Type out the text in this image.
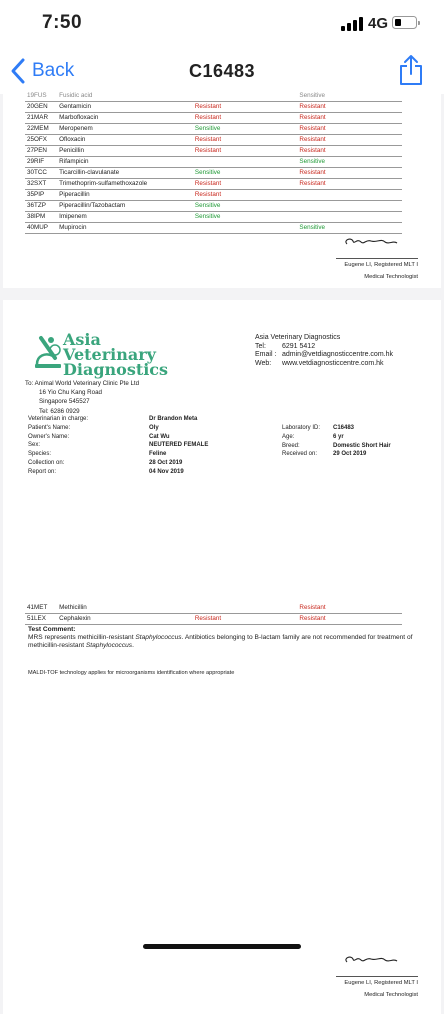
7:50	4G
Back	C16483
19FUS	Fusidic acid		Sensitive
20GEN	Gentamicin	Resistant	Resistant
21MAR	Marbofloxacin	Resistant	Resistant
22MEM	Meropenem	Sensitive	Resistant
25OFX	Ofloxacin	Resistant	Resistant
27PEN	Penicillin	Resistant	Resistant
29RIF	Rifampicin		Sensitive
30TCC	Ticarcillin-clavulanate	Sensitive	Resistant
32SXT	Trimethoprim-sulfamethoxazole	Resistant	Resistant
35PIP	Piperacillin	Resistant	
36TZP	Piperacillin/Tazobactam	Sensitive	
38IPM	Imipenem	Sensitive	
40MUP	Mupirocin		Sensitive
Eugene LI, Registered MLT I
Medical Technologist
Asia
Veterinary
Diagnostics
Asia Veterinary Diagnostics
Tel:	6291 5412
Email : admin@vetdiagnosticcentre.com.hk
Web:	www.vetdiagnosticcentre.com.hk
To: Animal World Veterinary Clinic Pte Ltd
16 Yio Chu Kang Road
Singapore 545527
Tel: 6286 0929
Veterinarian in charge:	Dr Brandon Meta
Patient's Name:	Oly
Owner's Name:	Cat Wu
Sex:	NEUTERED FEMALE
Species:	Feline
Collection on:	28 Oct 2019
Report on:	04 Nov 2019
Laboratory ID:	C16483
Age:	6 yr
Breed:	Domestic Short Hair
Received on:	29 Oct 2019
41MET	Methicillin		Resistant
51LEX	Cephalexin	Resistant	Resistant
Test Comment:
MRS represents methicillin-resistant Staphylococcus. Antibiotics belonging to B-lactam family are not recommended for treatment of methicillin-resistant Staphylococcus.
MALDI-TOF technology applies for microorganisms identification where appropriate
Eugene LI, Registered MLT I
Medical Technologist
